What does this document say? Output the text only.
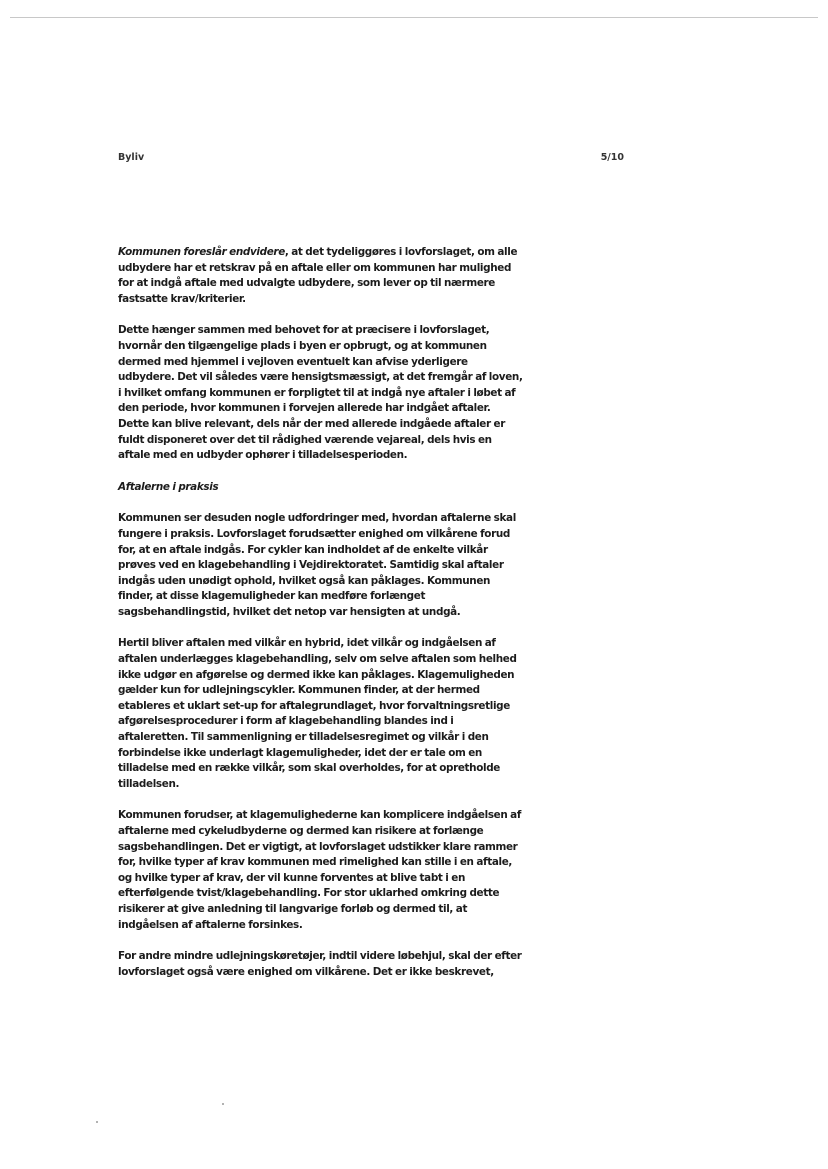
Byliv	5/10

Kommunen foreslår endvidere, at det tydeliggøres i lovforslaget, om alle udbydere har et retskrav på en aftale eller om kommunen har mulighed for at indgå aftale med udvalgte udbydere, som lever op til nærmere fastsatte krav/kriterier.

Dette hænger sammen med behovet for at præcisere i lovforslaget, hvornår den tilgængelige plads i byen er opbrugt, og at kommunen dermed med hjemmel i vejloven eventuelt kan afvise yderligere udbydere. Det vil således være hensigtsmæssigt, at det fremgår af loven, i hvilket omfang kommunen er forpligtet til at indgå nye aftaler i løbet af den periode, hvor kommunen i forvejen allerede har indgået aftaler. Dette kan blive relevant, dels når der med allerede indgåede aftaler er fuldt disponeret over det til rådighed værende vejareal, dels hvis en aftale med en udbyder ophører i tilladelsesperioden.

Aftalerne i praksis

Kommunen ser desuden nogle udfordringer med, hvordan aftalerne skal fungere i praksis. Lovforslaget forudsætter enighed om vilkårene forud for, at en aftale indgås. For cykler kan indholdet af de enkelte vilkår prøves ved en klagebehandling i Vejdirektoratet. Samtidig skal aftaler indgås uden unødigt ophold, hvilket også kan påklages. Kommunen finder, at disse klagemuligheder kan medføre forlænget sagsbehandlingstid, hvilket det netop var hensigten at undgå.

Hertil bliver aftalen med vilkår en hybrid, idet vilkår og indgåelsen af aftalen underlægges klagebehandling, selv om selve aftalen som helhed ikke udgør en afgørelse og dermed ikke kan påklages. Klagemuligheden gælder kun for udlejningscykler. Kommunen finder, at der hermed etableres et uklart set-up for aftalegrundlaget, hvor forvaltningsretlige afgørelsesprocedurer i form af klagebehandling blandes ind i aftaleretten. Til sammenligning er tilladelsesregimet og vilkår i den forbindelse ikke underlagt klagemuligheder, idet der er tale om en tilladelse med en række vilkår, som skal overholdes, for at opretholde tilladelsen.

Kommunen forudser, at klagemulighederne kan komplicere indgåelsen af aftalerne med cykeludbyderne og dermed kan risikere at forlænge sagsbehandlingen. Det er vigtigt, at lovforslaget udstikker klare rammer for, hvilke typer af krav kommunen med rimelighed kan stille i en aftale, og hvilke typer af krav, der vil kunne forventes at blive tabt i en efterfølgende tvist/klagebehandling. For stor uklarhed omkring dette risikerer at give anledning til langvarige forløb og dermed til, at indgåelsen af aftalerne forsinkes.

For andre mindre udlejningskøretøjer, indtil videre løbehjul, skal der efter lovforslaget også være enighed om vilkårene. Det er ikke beskrevet,
